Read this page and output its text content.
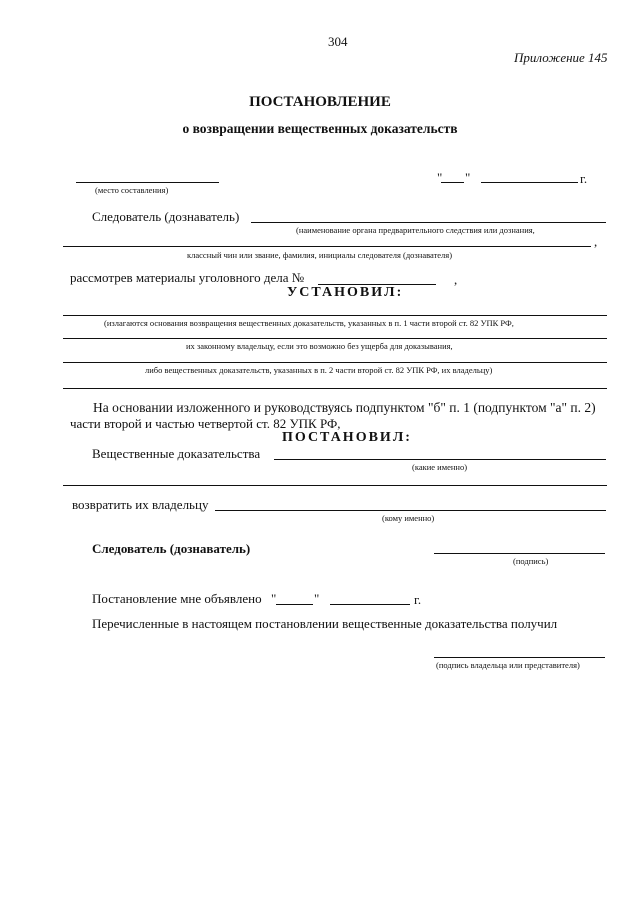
304
Приложение 145
ПОСТАНОВЛЕНИЕ
о возвращении вещественных доказательств
(место составления)
" "	г.
Следователь (дознаватель)
(наименование органа предварительного следствия или дознания,
,
классный чин или звание, фамилия, инициалы следователя (дознавателя)
рассмотрев материалы уголовного дела №	,
УСТАНОВИЛ:
(излагаются основания возвращения вещественных доказательств, указанных в п. 1 части второй ст. 82 УПК РФ,
их законному владельцу, если это возможно без ущерба для доказывания,
либо вещественных доказательств, указанных в п. 2 части второй ст. 82 УПК РФ, их владельцу)
На основании изложенного и руководствуясь подпунктом "б" п. 1 (подпунктом "а" п. 2)
части второй и частью четвертой ст. 82 УПК РФ,
ПОСТАНОВИЛ:
Вещественные доказательства
(какие именно)
возвратить их владельцу
(кому именно)
Следователь (дознаватель)
(подпись)
Постановление мне объявлено "	"	г.
Перечисленные в настоящем постановлении вещественные доказательства получил
(подпись владельца или представителя)
